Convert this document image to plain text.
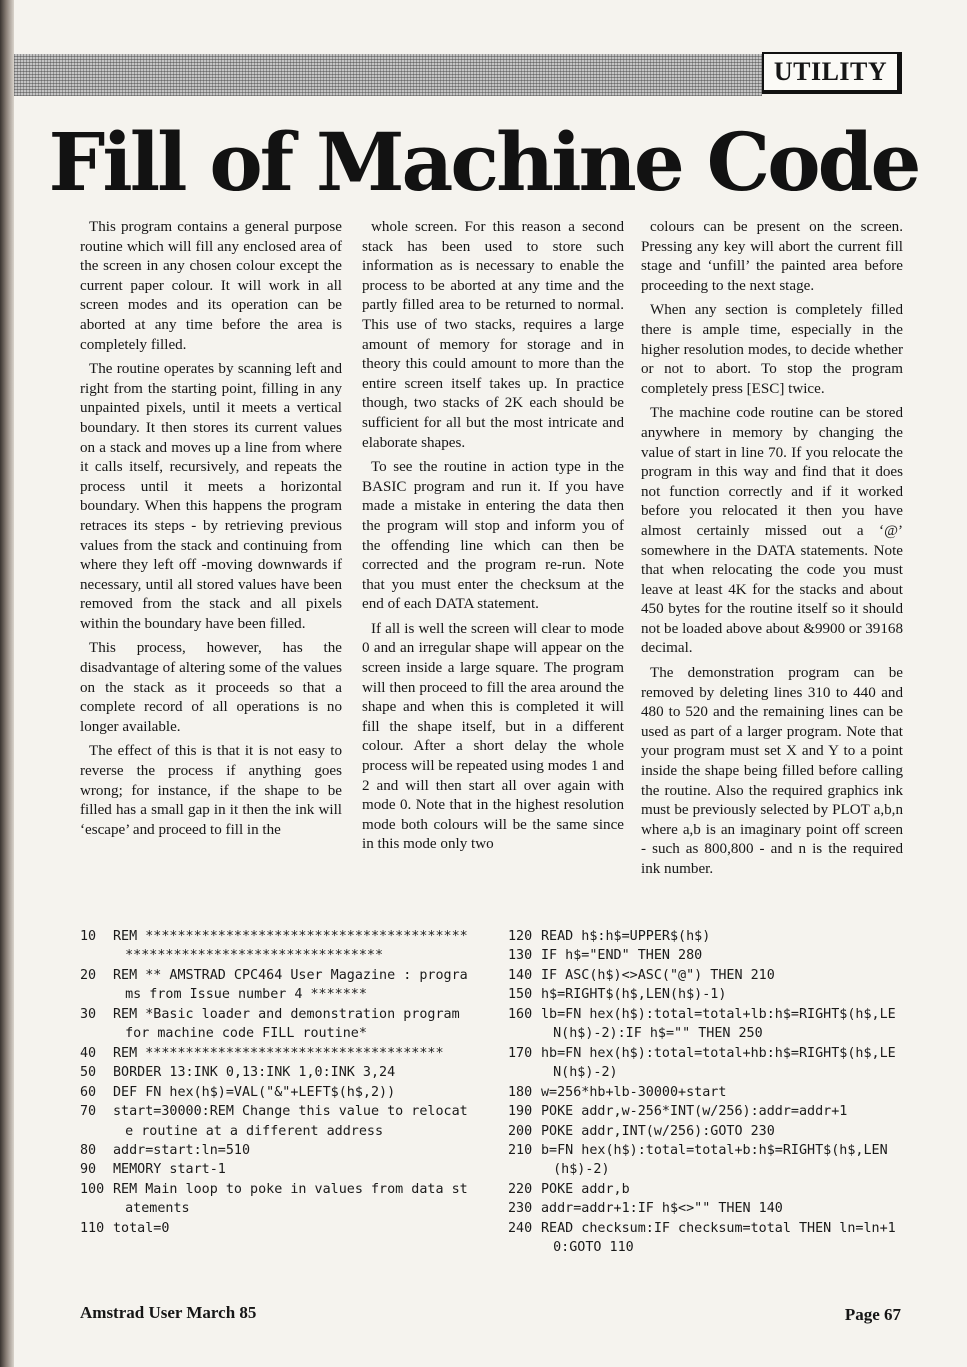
UTILITY
Fill of Machine Code

This program contains a general purpose routine which will fill any enclosed area of the screen in any chosen colour except the current paper colour. It will work in all screen modes and its operation can be aborted at any time before the area is completely filled.

The routine operates by scanning left and right from the starting point, filling in any unpainted pixels, until it meets a vertical boundary. It then stores its current values on a stack and moves up a line from where it calls itself, recursively, and repeats the process until it meets a horizontal boundary. When this happens the program retraces its steps - by retrieving previous values from the stack and continuing from where they left off -moving downwards if necessary, until all stored values have been removed from the stack and all pixels within the boundary have been filled.

This process, however, has the disadvantage of altering some of the values on the stack as it proceeds so that a complete record of all operations is no longer available.

The effect of this is that it is not easy to reverse the process if anything goes wrong; for instance, if the shape to be filled has a small gap in it then the ink will ‘escape’ and proceed to fill in the

whole screen. For this reason a second stack has been used to store such information as is necessary to enable the process to be aborted at any time and the partly filled area to be returned to normal. This use of two stacks, requires a large amount of memory for storage and in theory this could amount to more than the entire screen itself takes up. In practice though, two stacks of 2K each should be sufficient for all but the most intricate and elaborate shapes.

To see the routine in action type in the BASIC program and run it. If you have made a mistake in entering the data then the program will stop and inform you of the offending line which can then be corrected and the program re-run. Note that you must enter the checksum at the end of each DATA statement.

If all is well the screen will clear to mode 0 and an irregular shape will appear on the screen inside a large square. The program will then proceed to fill the area around the shape and when this is completed it will fill the shape itself, but in a different colour. After a short delay the whole process will be repeated using modes 1 and 2 and will then start all over again with mode 0. Note that in the highest resolution mode both colours will be the same since in this mode only two

colours can be present on the screen. Pressing any key will abort the current fill stage and ‘unfill’ the painted area before proceeding to the next stage.

When any section is completely filled there is ample time, especially in the higher resolution modes, to decide whether or not to abort. To stop the program completely press [ESC] twice.

The machine code routine can be stored anywhere in memory by changing the value of start in line 70. If you relocate the program in this way and find that it does not function correctly and if it worked before you relocated it then you have almost certainly missed out a ‘@’ somewhere in the DATA statements. Note that when relocating the code you must leave at least 4K for the stacks and about 450 bytes for the routine itself so it should not be loaded above about &9900 or 39168 decimal.

The demonstration program can be removed by deleting lines 310 to 440 and 480 to 520 and the remaining lines can be used as part of a larger program. Note that your program must set X and Y to a point inside the shape being filled before calling the routine. Also the required graphics ink must be previously selected by PLOT a,b,n where a,b is an imaginary point off screen - such as 800,800 - and n is the required ink number.

10	REM ************************************************************************
20	REM ** AMSTRAD CPC464 User Magazine : programs from Issue number 4 *******
30	REM *Basic loader and demonstration program for machine code FILL routine*
40	REM *************************************
50	BORDER 13:INK 0,13:INK 1,0:INK 3,24
60	DEF FN hex(h$)=VAL("&"+LEFT$(h$,2))
70	start=30000:REM Change this value to relocate routine at a different address
80	addr=start:ln=510
90	MEMORY start-1
100 REM Main loop to poke in values from data statements
110 total=0
120 READ h$:h$=UPPER$(h$)
130 IF h$="END" THEN 280
140 IF ASC(h$)<>ASC("@") THEN 210
150 h$=RIGHT$(h$,LEN(h$)-1)
160 lb=FN hex(h$):total=total+lb:h$=RIGHT$(h$,LEN(h$)-2):IF h$="" THEN 250
170 hb=FN hex(h$):total=total+hb:h$=RIGHT$(h$,LEN(h$)-2)
180 w=256*hb+lb-30000+start
190 POKE addr,w-256*INT(w/256):addr=addr+1
200 POKE addr,INT(w/256):GOTO 230
210 b=FN hex(h$):total=total+b:h$=RIGHT$(h$,LEN(h$)-2)
220 POKE addr,b
230 addr=addr+1:IF h$<>"" THEN 140
240 READ checksum:IF checksum=total THEN ln=ln+10:GOTO 110
Amstrad User March 85	Page 67
